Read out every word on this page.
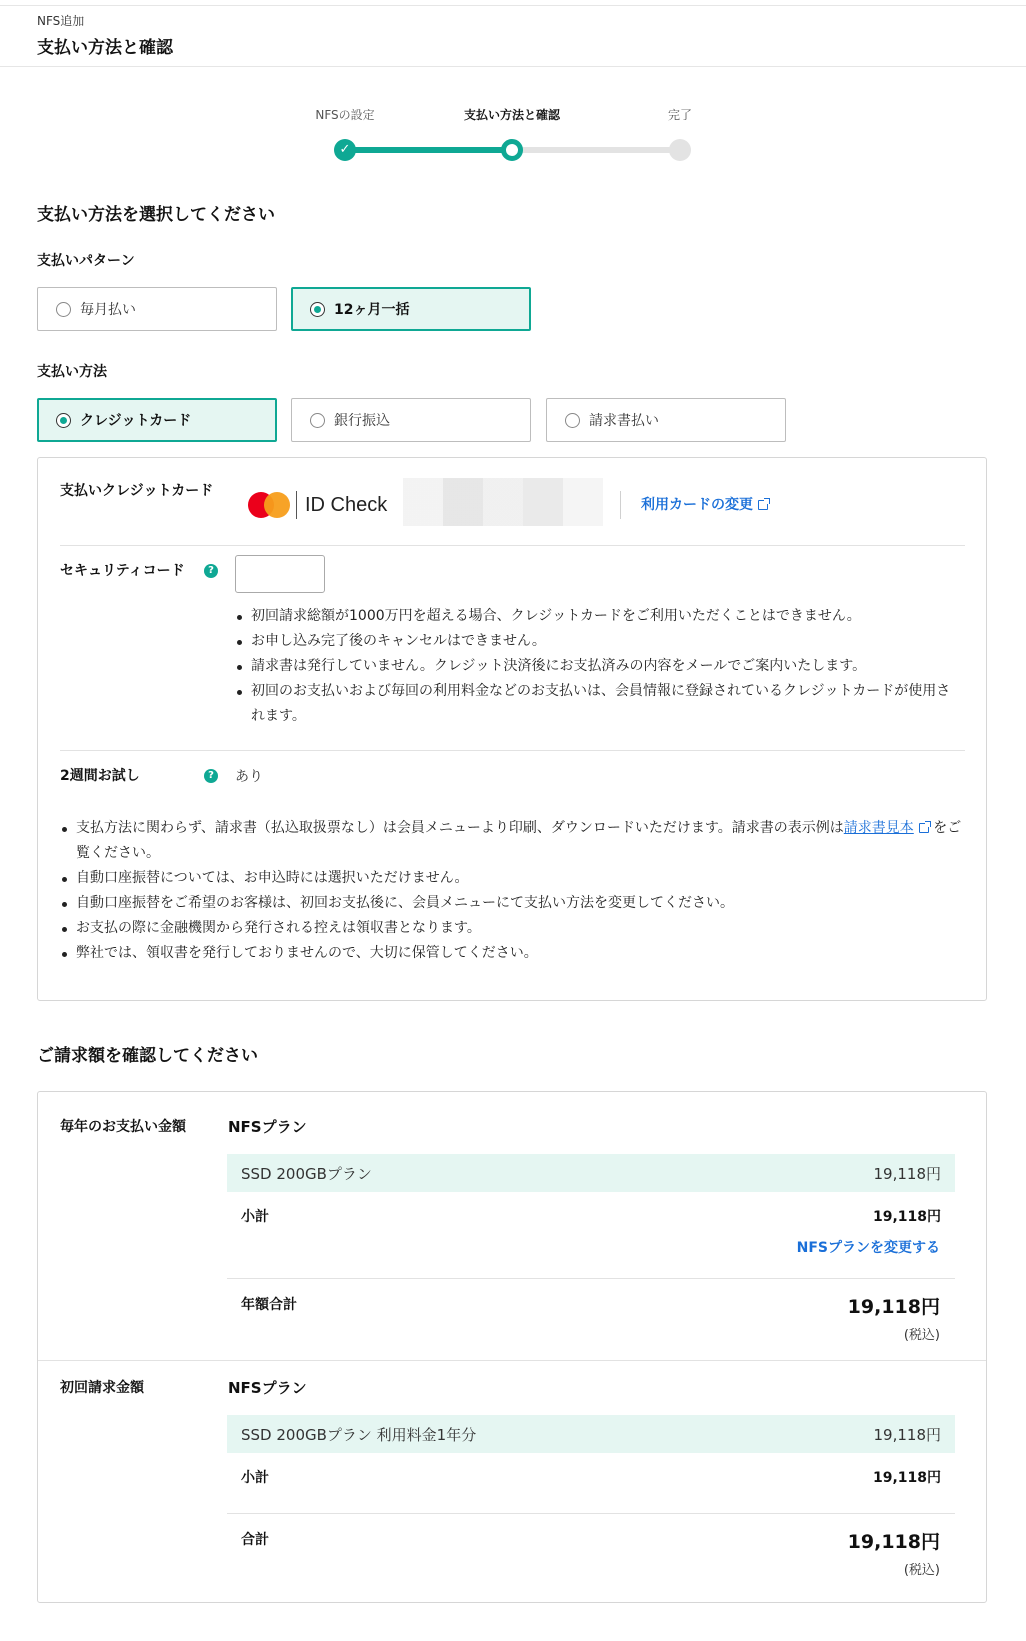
NFS追加
支払い方法と確認
NFSの設定	支払い方法と確認	完了
✓
支払い方法を選択してください
支払いパターン
毎月払い	12ヶ月一括
支払い方法
クレジットカード	銀行振込	請求書払い
支払いクレジットカード
ID Check	利用カードの変更
セキュリティコード	?
初回請求総額が1000万円を超える場合、クレジットカードをご利用いただくことはできません。
お申し込み完了後のキャンセルはできません。
請求書は発行していません。クレジット決済後にお支払済みの内容をメールでご案内いたします。
初回のお支払いおよび毎回の利用料金などのお支払いは、会員情報に登録されているクレジットカードが使用されます。
2週間お試し	? あり
支払方法に関わらず、請求書（払込取扱票なし）は会員メニューより印刷、ダウンロードいただけます。請求書の表示例は請求書見本 をご覧ください。
自動口座振替については、お申込時には選択いただけません。
自動口座振替をご希望のお客様は、初回お支払後に、会員メニューにて支払い方法を変更してください。
お支払の際に金融機関から発行される控えは領収書となります。
弊社では、領収書を発行しておりませんので、大切に保管してください。
ご請求額を確認してください
毎年のお支払い金額	NFSプラン
SSD 200GBプラン	19,118円
小計	19,118円
NFSプランを変更する
年額合計	19,118円
(税込)
初回請求金額	NFSプラン
SSD 200GBプラン 利用料金1年分	19,118円
小計	19,118円
合計	19,118円
(税込)
